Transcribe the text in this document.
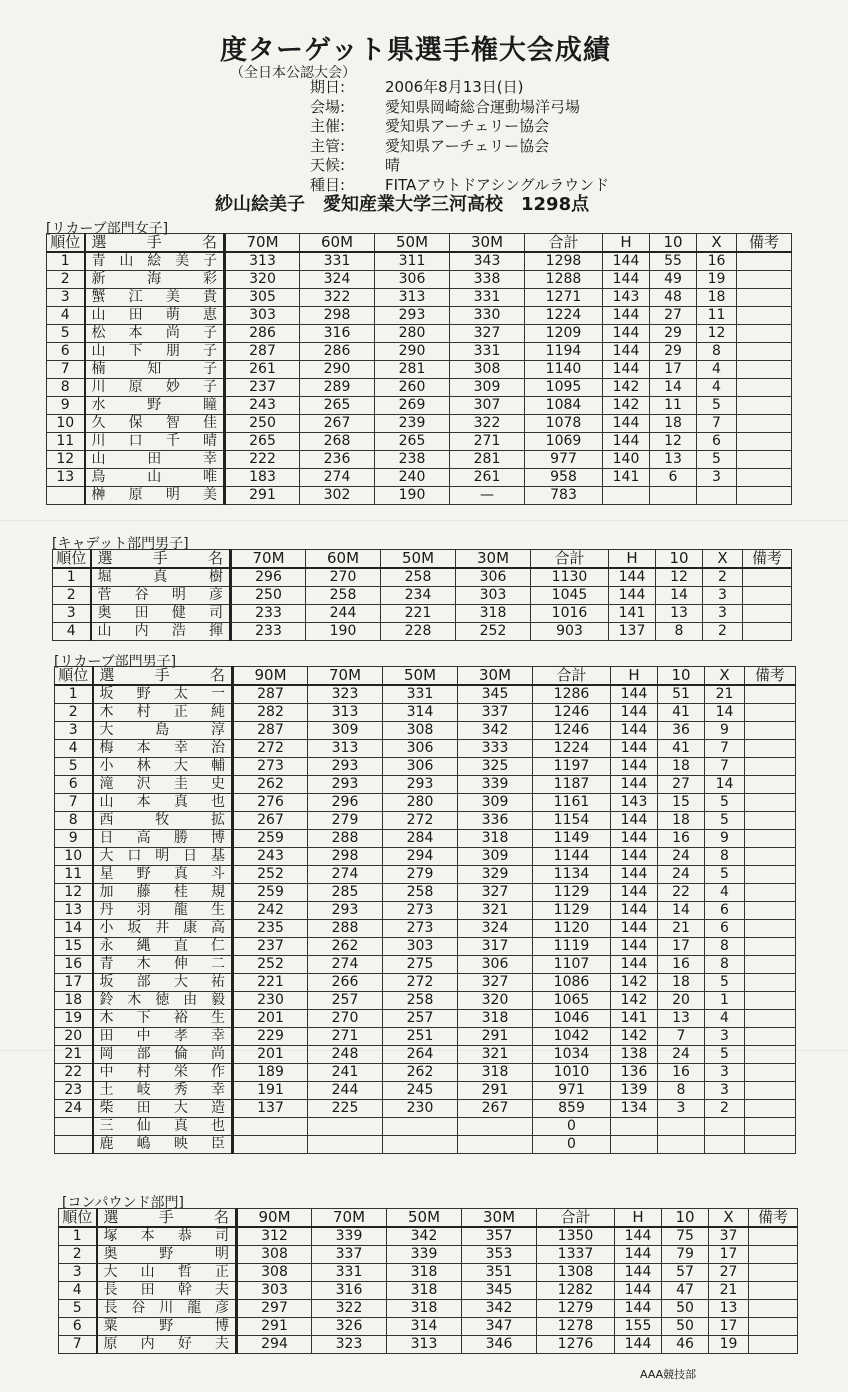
度ターゲット県選手権大会成績
（全日本公認大会）
期日:	2006年8月13日(日)
会場:	愛知県岡崎総合運動場洋弓場
主催:	愛知県アーチェリー協会
主管:	愛知県アーチェリー協会
天候:	晴
種目:	FITAアウトドアシングルラウンド
紗山絵美子　愛知産業大学三河高校　1298点
[リカーブ部門女子]
順位	選　手　名	70M	60M	50M	30M	合計	H	10	X	備考
1	青山絵美子	313	331	311	343	1298	144	55	16	
2	新　海　彩	320	324	306	338	1288	144	49	19	
3	蟹江美貴	305	322	313	331	1271	143	48	18	
4	山田萌恵	303	298	293	330	1224	144	27	11	
5	松本尚子	286	316	280	327	1209	144	29	12	
6	山下朋子	287	286	290	331	1194	144	29	8	
7	楠　知　子	261	290	281	308	1140	144	17	4	
8	川原妙子	237	289	260	309	1095	142	14	4	
9	水　野　瞳	243	265	269	307	1084	142	11	5	
10	久保智佳	250	267	239	322	1078	144	18	7	
11	川口千晴	265	268	265	271	1069	144	12	6	
12	山　田　幸	222	236	238	281	977	140	13	5	
13	鳥　山　唯	183	274	240	261	958	141	6	3	
	榊原明美	291	302	190	—	783				
[キャデット部門男子]
順位	選　手　名	70M	60M	50M	30M	合計	H	10	X	備考
1	堀　真　樹	296	270	258	306	1130	144	12	2	
2	菅谷明彦	250	258	234	303	1045	144	14	3	
3	奥田健司	233	244	221	318	1016	141	13	3	
4	山内浩揮	233	190	228	252	903	137	8	2	
[リカーブ部門男子]
順位	選　手　名	90M	70M	50M	30M	合計	H	10	X	備考
1	坂野太一	287	323	331	345	1286	144	51	21	
2	木村正純	282	313	314	337	1246	144	41	14	
3	大　島　淳	287	309	308	342	1246	144	36	9	
4	梅本幸治	272	313	306	333	1224	144	41	7	
5	小林大輔	273	293	306	325	1197	144	18	7	
6	滝沢圭史	262	293	293	339	1187	144	27	14	
7	山本真也	276	296	280	309	1161	143	15	5	
8	西　牧　拡	267	279	272	336	1154	144	18	5	
9	日高勝博	259	288	284	318	1149	144	16	9	
10	大口明日基	243	298	294	309	1144	144	24	8	
11	星野真斗	252	274	279	329	1134	144	24	5	
12	加藤桂規	259	285	258	327	1129	144	22	4	
13	丹羽龍生	242	293	273	321	1129	144	14	6	
14	小坂井康高	235	288	273	324	1120	144	21	6	
15	永縄直仁	237	262	303	317	1119	144	17	8	
16	青木伸二	252	274	275	306	1107	144	16	8	
17	坂部大祐	221	266	272	327	1086	142	18	5	
18	鈴木徳由毅	230	257	258	320	1065	142	20	1	
19	木下裕生	201	270	257	318	1046	141	13	4	
20	田中孝幸	229	271	251	291	1042	142	7	3	
21	岡部倫尚	201	248	264	321	1034	138	24	5	
22	中村栄作	189	241	262	318	1010	136	16	3	
23	土岐秀幸	191	244	245	291	971	139	8	3	
24	柴田大造	137	225	230	267	859	134	3	2	
	三仙真也					0				
	鹿嶋映臣					0				
[コンパウンド部門]
順位	選　手　名	90M	70M	50M	30M	合計	H	10	X	備考
1	塚本恭司	312	339	342	357	1350	144	75	37	
2	奥　野　明	308	337	339	353	1337	144	79	17	
3	大山哲正	308	331	318	351	1308	144	57	27	
4	長田幹夫	303	316	318	345	1282	144	47	21	
5	長谷川龍彦	297	322	318	342	1279	144	50	13	
6	粟　野　博	291	326	314	347	1278	155	50	17	
7	原内好夫	294	323	313	346	1276	144	46	19	
AAA競技部
